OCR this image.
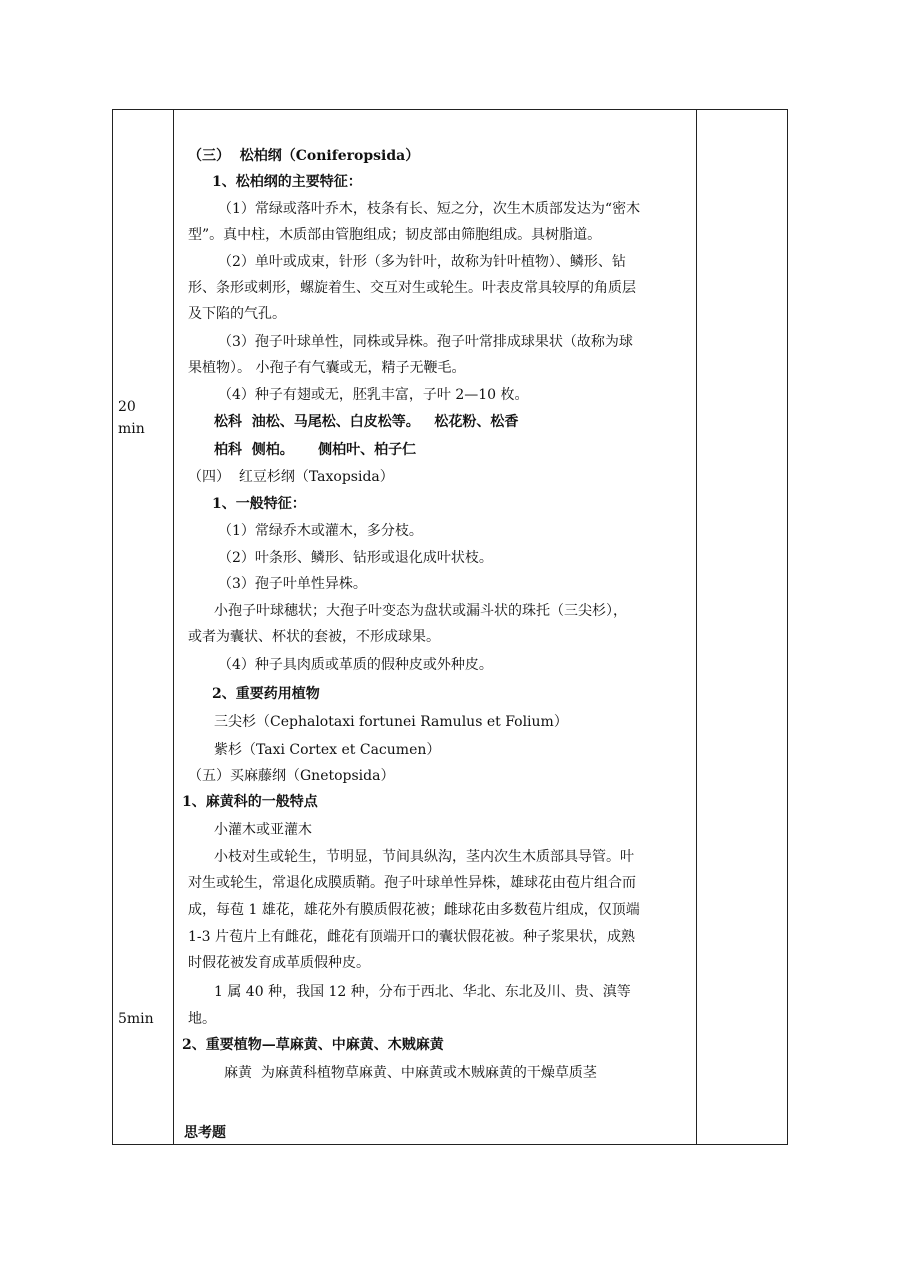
20
min
5min
（三）  松柏纲（Coniferopsida）
1、松柏纲的主要特征：
（1）常绿或落叶乔木，枝条有长、短之分，次生木质部发达为“密木
型”。真中柱，木质部由管胞组成；韧皮部由筛胞组成。具树脂道。
（2）单叶或成束，针形（多为针叶，故称为针叶植物）、鳞形、钻
形、条形或刺形，螺旋着生、交互对生或轮生。叶表皮常具较厚的角质层
及下陷的气孔。
（3）孢子叶球单性，同株或异株。孢子叶常排成球果状（故称为球
果植物）。 小孢子有气囊或无，精子无鞭毛。
（4）种子有翅或无，胚乳丰富，子叶 2—10 枚。
松科  油松、马尾松、白皮松等。   松花粉、松香
柏科  侧柏。     侧柏叶、柏子仁
（四）  红豆杉纲（Taxopsida）
1、一般特征：
（1）常绿乔木或灌木，多分枝。
（2）叶条形、鳞形、钻形或退化成叶状枝。
（3）孢子叶单性异株。
小孢子叶球穗状；大孢子叶变态为盘状或漏斗状的珠托（三尖杉），
或者为囊状、杯状的套被，不形成球果。
（4）种子具肉质或革质的假种皮或外种皮。
2、重要药用植物
三尖杉（Cephalotaxi fortunei Ramulus et Folium）
紫杉（Taxi Cortex et Cacumen）
（五）买麻藤纲（Gnetopsida）
1、麻黄科的一般特点
小灌木或亚灌木
小枝对生或轮生，节明显，节间具纵沟，茎内次生木质部具导管。叶
对生或轮生，常退化成膜质鞘。孢子叶球单性异株，雄球花由苞片组合而
成，每苞 1 雄花，雄花外有膜质假花被；雌球花由多数苞片组成，仅顶端
1-3 片苞片上有雌花，雌花有顶端开口的囊状假花被。种子浆果状，成熟
时假花被发育成革质假种皮。
1 属 40 种，我国 12 种，分布于西北、华北、东北及川、贵、滇等
地。
2、重要植物—草麻黄、中麻黄、木贼麻黄
麻黄  为麻黄科植物草麻黄、中麻黄或木贼麻黄的干燥草质茎
思考题
